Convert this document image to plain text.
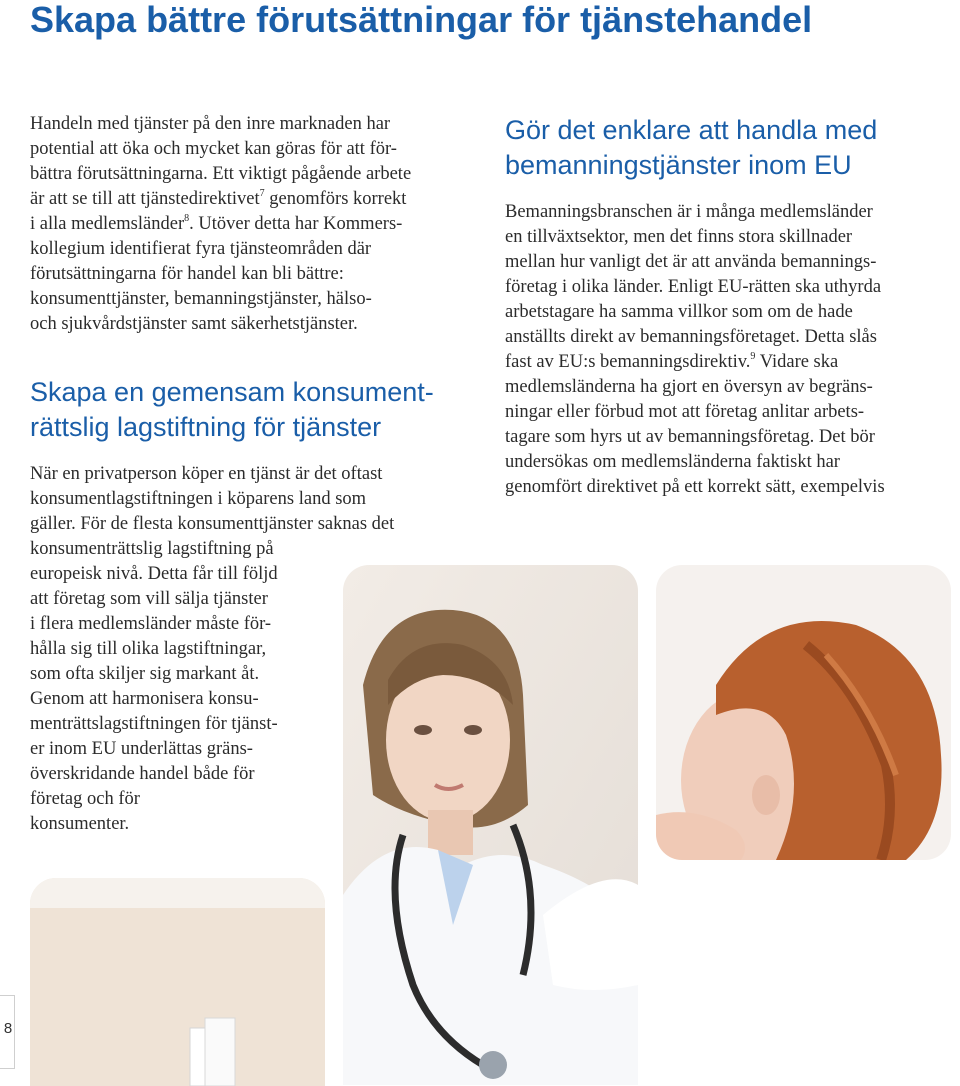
Skapa bättre förutsättningar för tjänstehandel

Handeln med tjänster på den inre marknaden har
potential att öka och mycket kan göras för att för-
bättra förutsättningarna. Ett viktigt pågående arbete
är att se till att tjänstedirektivet$^7$ genomförs korrekt
i alla medlemsländer$^8$. Utöver detta har Kommers-
kollegium identifierat fyra tjänsteområden där
förutsättningarna för handel kan bli bättre:
konsumenttjänster, bemanningstjänster, hälso-
och sjukvårdstjänster samt säkerhetstjänster.

Skapa en gemensam konsument-
rättslig lagstiftning för tjänster

När en privatperson köper en tjänst är det oftast
konsumentlagstiftningen i köparens land som
gäller. För de flesta konsumenttjänster saknas det
konsumenträttslig lagstiftning på

europeisk nivå. Detta får till följd
att företag som vill sälja tjänster
i flera medlemsländer måste för-
hålla sig till olika lagstiftningar,
som ofta skiljer sig markant åt.
Genom att harmonisera konsu-
menträttslagstiftningen för tjänst-
er inom EU underlättas gräns-
överskridande handel både för
företag och för
konsumenter.

Gör det enklare att handla med
bemanningstjänster inom EU

Bemanningsbranschen är i många medlemsländer
en tillväxtsektor, men det finns stora skillnader
mellan hur vanligt det är att använda bemannings-
företag i olika länder. Enligt EU-rätten ska uthyrda
arbetstagare ha samma villkor som om de hade
anställts direkt av bemanningsföretaget. Detta slås
fast av EU:s bemanningsdirektiv.$^9$ Vidare ska
medlemsländerna ha gjort en översyn av begräns-
ningar eller förbud mot att företag anlitar arbets-
tagare som hyrs ut av bemanningsföretag. Det bör
undersökas om medlemsländerna faktiskt har
genomfört direktivet på ett korrekt sätt, exempelvis

8
